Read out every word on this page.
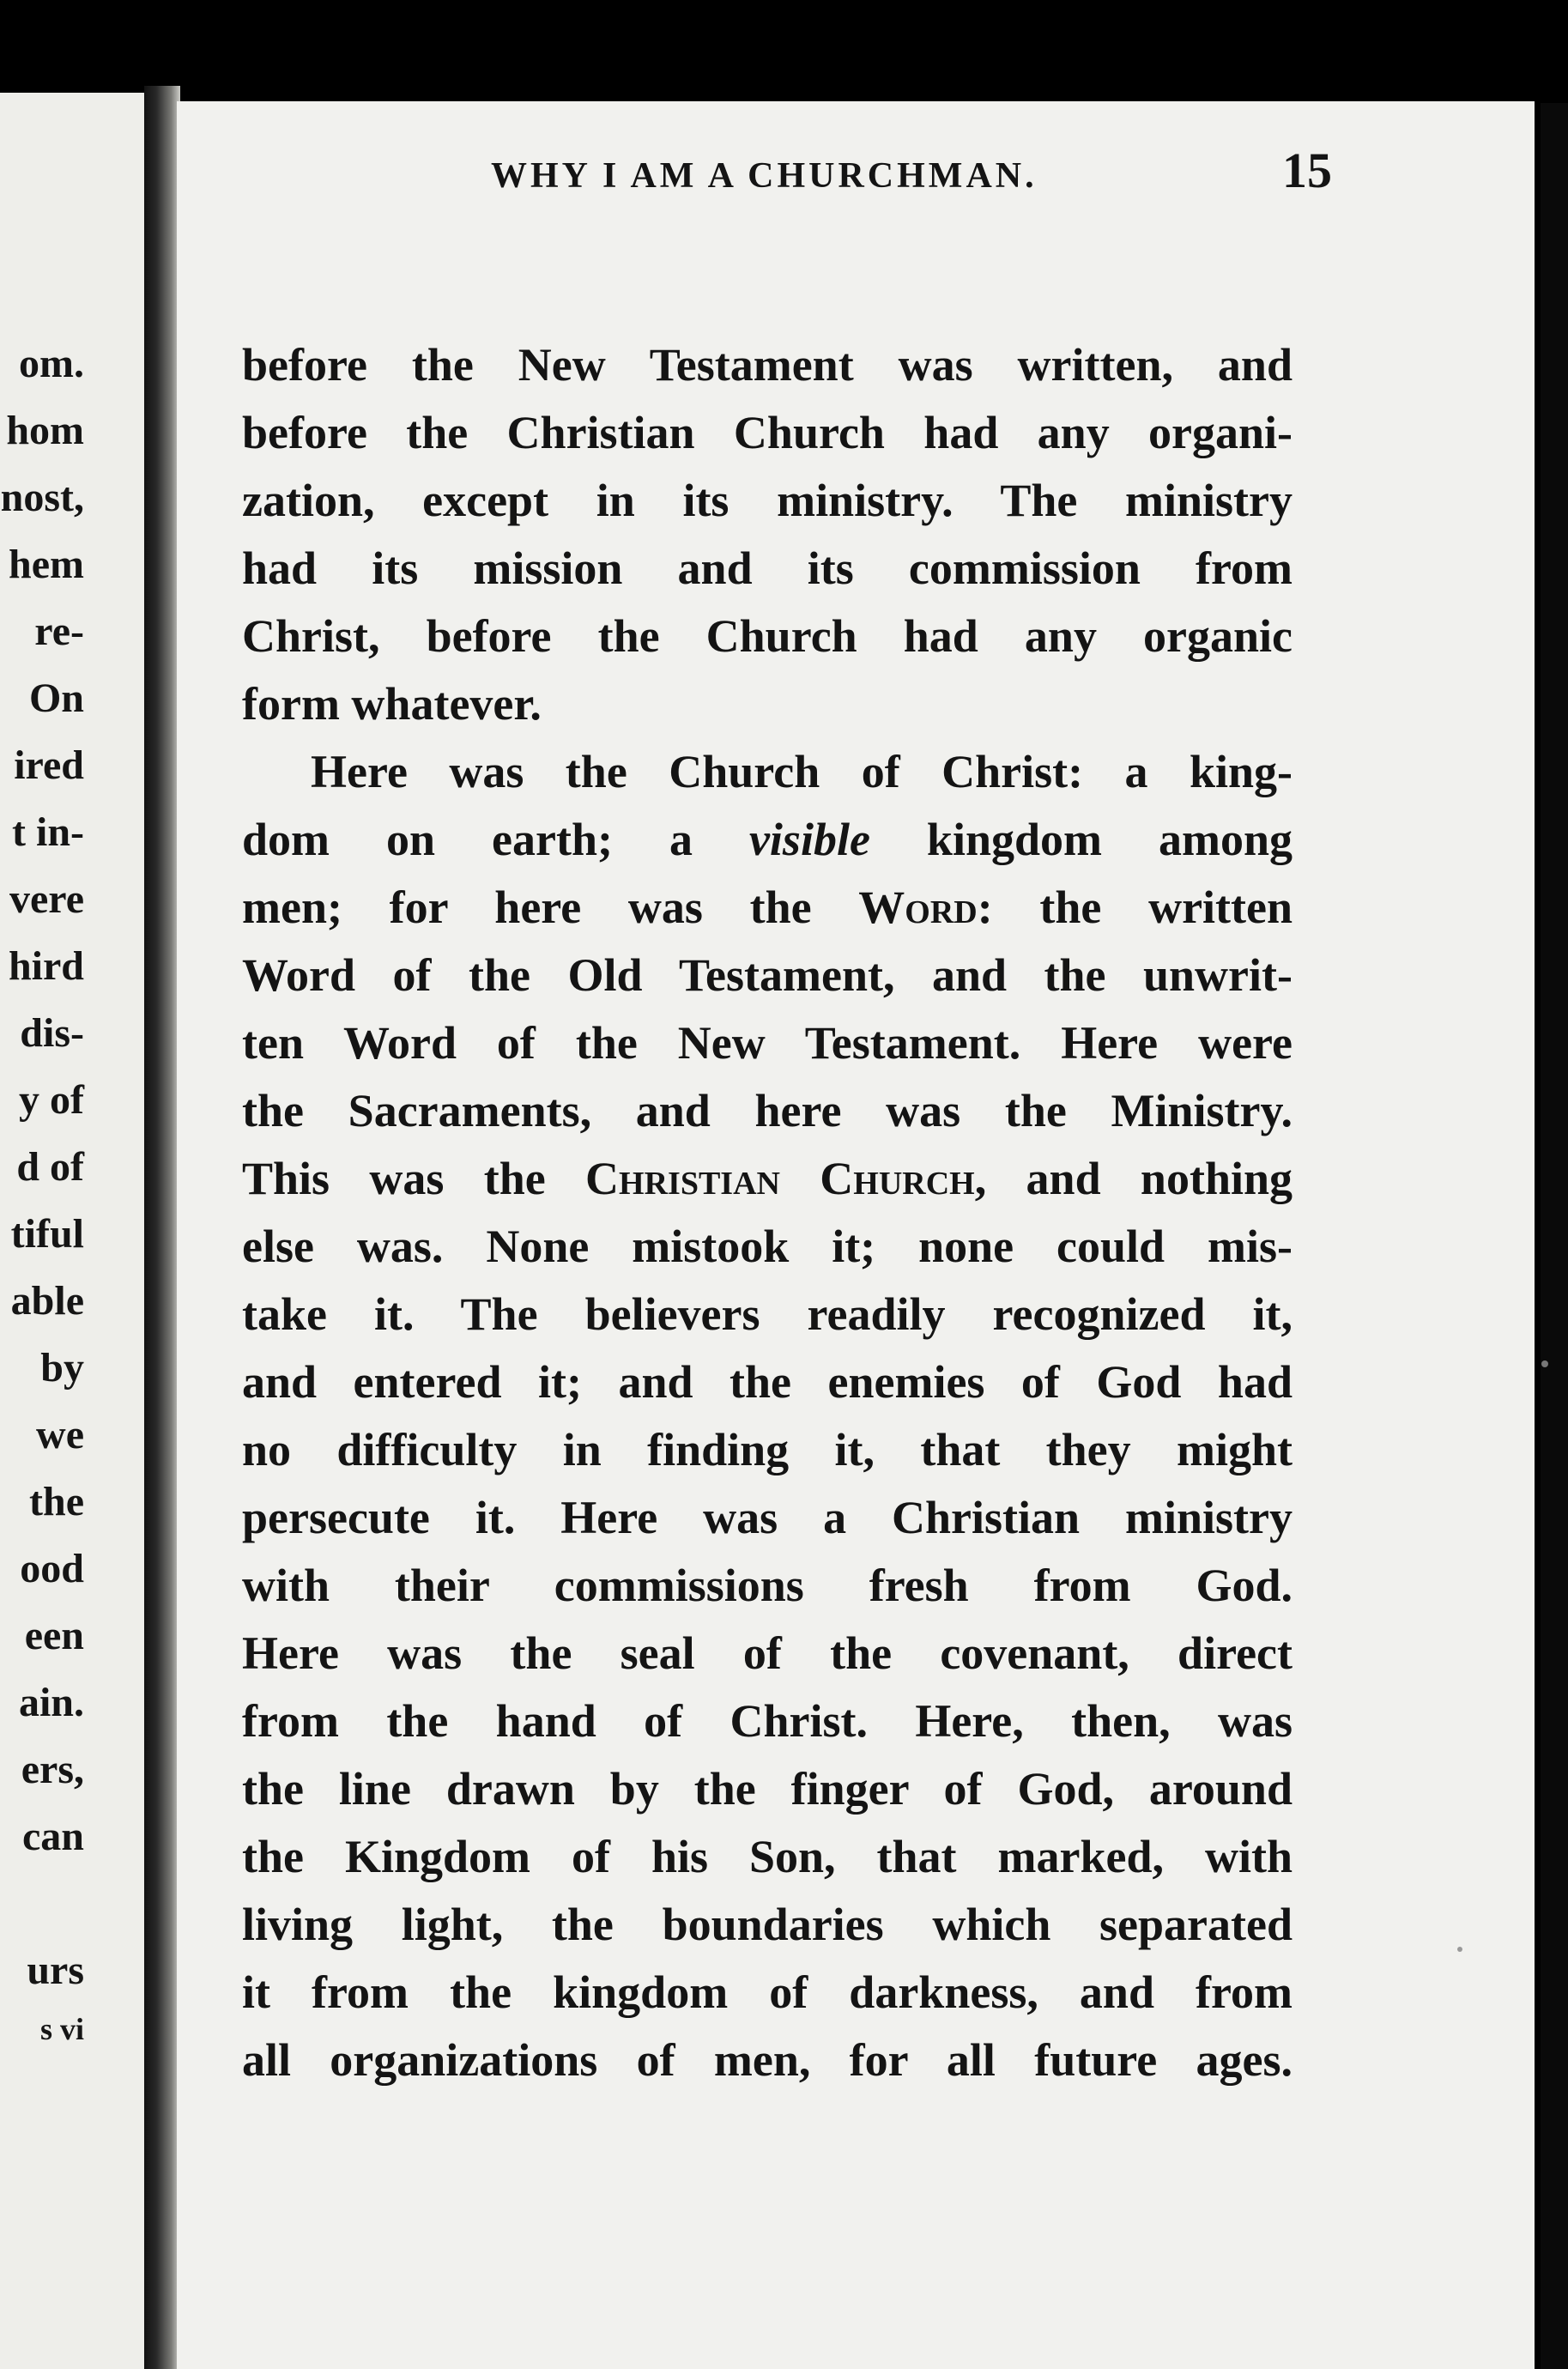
om.
hom
nost,
hem
re-
On
ired
t in-
vere
hird
dis-
y of
d of
tiful
able
by
we
the
ood
een
ain.
ers,
can
urs
s vi
WHY I AM A CHURCHMAN.	15

before the New Testament was written, and

before the Christian Church had any organi-

zation, except in its ministry. The ministry

had its mission and its commission from

Christ, before the Church had any organic

form whatever.

Here was the Church of Christ: a king-

dom on earth; a visible kingdom among

men; for here was the Word: the written

Word of the Old Testament, and the unwrit-

ten Word of the New Testament. Here were

the Sacraments, and here was the Ministry.

This was the Christian Church, and nothing

else was. None mistook it; none could mis-

take it. The believers readily recognized it,

and entered it; and the enemies of God had

no difficulty in finding it, that they might

persecute it. Here was a Christian ministry

with their commissions fresh from God.

Here was the seal of the covenant, direct

from the hand of Christ. Here, then, was

the line drawn by the finger of God, around

the Kingdom of his Son, that marked, with

living light, the boundaries which separated

it from the kingdom of darkness, and from

all organizations of men, for all future ages.
